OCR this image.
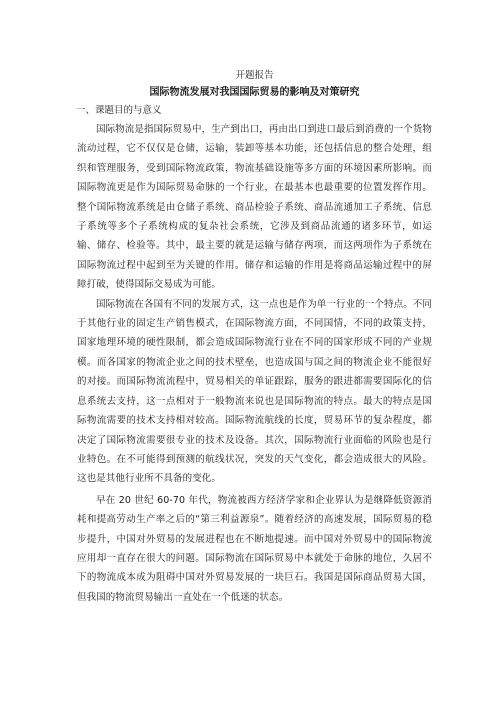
开题报告

国际物流发展对我国国际贸易的影响及对策研究

一、课题目的与意义

国际物流是指国际贸易中，生产到出口，再由出口到进口最后到消费的一个货物流动过程，它不仅仅是仓储，运输，装卸等基本功能，还包括信息的整合处理，组织和管理服务，受到国际物流政策，物流基础设施等多方面的环境因素所影响。而国际物流更是作为国际贸易命脉的一个行业，在最基本也最重要的位置发挥作用。整个国际物流系统是由仓储子系统、商品检验子系统、商品流通加工子系统、信息子系统等多个子系统构成的复杂社会系统，它涉及到商品流通的诸多环节，如运输、储存、检验等。其中，最主要的就是运输与储存两项，而这两项作为子系统在国际物流过程中起到至为关键的作用。储存和运输的作用是将商品运输过程中的屏障打破，使得国际交易成为可能。

国际物流在各国有不同的发展方式，这一点也是作为单一行业的一个特点。不同于其他行业的固定生产销售模式，在国际物流方面，不同国情，不同的政策支持，国家地理环境的硬性限制，都会造成国际物流行业在不同的国家形成不同的产业规模。而各国家的物流企业之间的技术壁垒，也造成国与国之间的物流企业不能很好的对接。而国际物流流程中，贸易相关的单证跟踪，服务的跟进都需要国际化的信息系统去支持，这一点相对于一般物流来说也是国际物流的特点。最大的特点是国际物流需要的技术支持相对较高。国际物流航线的长度，贸易环节的复杂程度，都决定了国际物流需要很专业的技术及设备。其次，国际物流行业面临的风险也是行业特色。在不可能得到预测的航线状况，突发的天气变化，都会造成很大的风险。这也是其他行业所不具备的变化。

早在 20 世纪 60-70 年代，物流被西方经济学家和企业界认为是继降低资源消耗和提高劳动生产率之后的“第三利益源泉”。随着经济的高速发展，国际贸易的稳步提升，中国对外贸易的发展进程也在不断地提速。而中国对外贸易中的国际物流应用却一直存在很大的问题。国际物流在国际贸易中本就处于命脉的地位，久居不下的物流成本成为阻碍中国对外贸易发展的一块巨石。我国是国际商品贸易大国，但我国的物流贸易输出一直处在一个低迷的状态。
